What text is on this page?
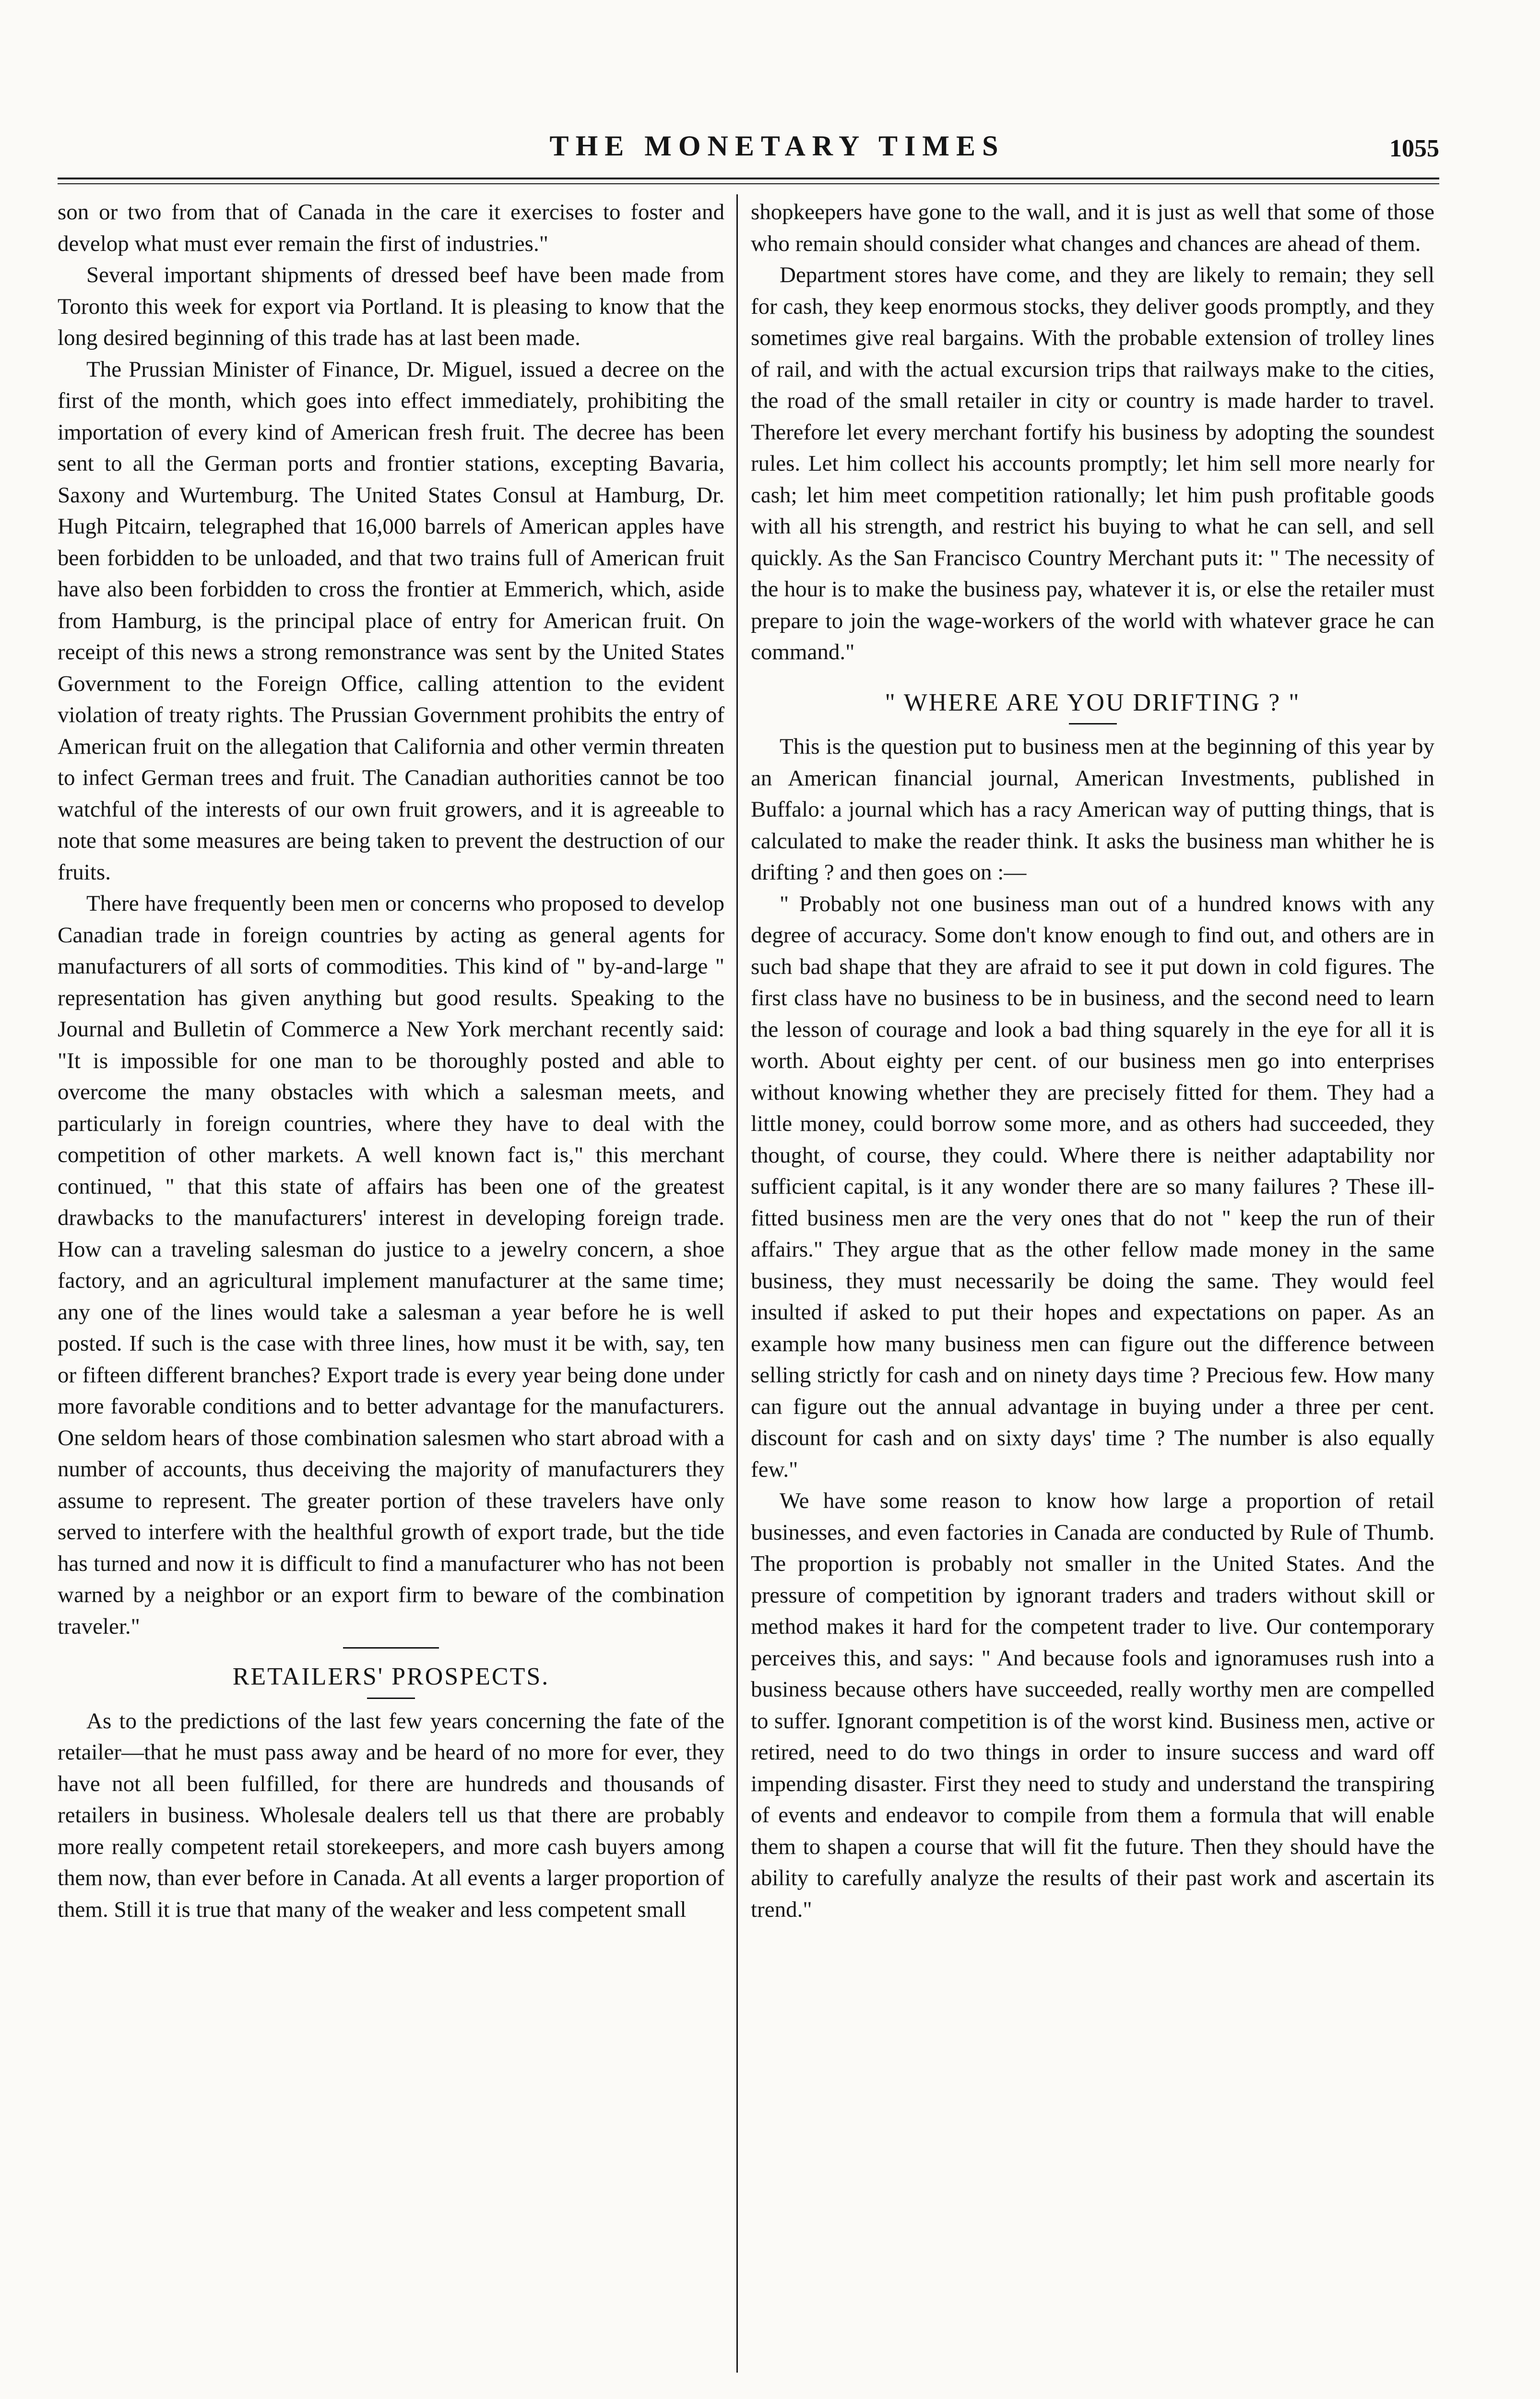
THE MONETARY TIMES	1055

son or two from that of Canada in the care it exercises to foster and develop what must ever remain the first of industries."

Several important shipments of dressed beef have been made from Toronto this week for export via Portland. It is pleasing to know that the long desired beginning of this trade has at last been made.

The Prussian Minister of Finance, Dr. Miguel, issued a decree on the first of the month, which goes into effect immediately, prohibiting the importation of every kind of American fresh fruit. The decree has been sent to all the German ports and frontier stations, excepting Bavaria, Saxony and Wurtemburg. The United States Consul at Hamburg, Dr. Hugh Pitcairn, telegraphed that 16,000 barrels of American apples have been forbidden to be unloaded, and that two trains full of American fruit have also been forbidden to cross the frontier at Emmerich, which, aside from Hamburg, is the principal place of entry for American fruit. On receipt of this news a strong remonstrance was sent by the United States Government to the Foreign Office, calling attention to the evident violation of treaty rights. The Prussian Government prohibits the entry of American fruit on the allegation that California and other vermin threaten to infect German trees and fruit. The Canadian authorities cannot be too watchful of the interests of our own fruit growers, and it is agreeable to note that some measures are being taken to prevent the destruction of our fruits.

There have frequently been men or concerns who proposed to develop Canadian trade in foreign countries by acting as general agents for manufacturers of all sorts of commodities. This kind of " by-and-large " representation has given anything but good results. Speaking to the Journal and Bulletin of Commerce a New York merchant recently said: "It is impossible for one man to be thoroughly posted and able to overcome the many obstacles with which a salesman meets, and particularly in foreign countries, where they have to deal with the competition of other markets. A well known fact is," this merchant continued, " that this state of affairs has been one of the greatest drawbacks to the manufacturers' interest in developing foreign trade. How can a traveling salesman do justice to a jewelry concern, a shoe factory, and an agricultural implement manufacturer at the same time; any one of the lines would take a salesman a year before he is well posted. If such is the case with three lines, how must it be with, say, ten or fifteen different branches? Export trade is every year being done under more favorable conditions and to better advantage for the manufacturers. One seldom hears of those combination salesmen who start abroad with a number of accounts, thus deceiving the majority of manufacturers they assume to represent. The greater portion of these travelers have only served to interfere with the healthful growth of export trade, but the tide has turned and now it is difficult to find a manufacturer who has not been warned by a neighbor or an export firm to beware of the combination traveler."

RETAILERS' PROSPECTS.

As to the predictions of the last few years concerning the fate of the retailer—that he must pass away and be heard of no more for ever, they have not all been fulfilled, for there are hundreds and thousands of retailers in business. Wholesale dealers tell us that there are probably more really competent retail storekeepers, and more cash buyers among them now, than ever before in Canada. At all events a larger proportion of them. Still it is true that many of the weaker and less competent small

shopkeepers have gone to the wall, and it is just as well that some of those who remain should consider what changes and chances are ahead of them.

Department stores have come, and they are likely to remain; they sell for cash, they keep enormous stocks, they deliver goods promptly, and they sometimes give real bargains. With the probable extension of trolley lines of rail, and with the actual excursion trips that railways make to the cities, the road of the small retailer in city or country is made harder to travel. Therefore let every merchant fortify his business by adopting the soundest rules. Let him collect his accounts promptly; let him sell more nearly for cash; let him meet competition rationally; let him push profitable goods with all his strength, and restrict his buying to what he can sell, and sell quickly. As the San Francisco Country Merchant puts it: " The necessity of the hour is to make the business pay, whatever it is, or else the retailer must prepare to join the wage-workers of the world with whatever grace he can command."

" WHERE ARE YOU DRIFTING ? "

This is the question put to business men at the beginning of this year by an American financial journal, American Investments, published in Buffalo: a journal which has a racy American way of putting things, that is calculated to make the reader think. It asks the business man whither he is drifting ? and then goes on :—

" Probably not one business man out of a hundred knows with any degree of accuracy. Some don't know enough to find out, and others are in such bad shape that they are afraid to see it put down in cold figures. The first class have no business to be in business, and the second need to learn the lesson of courage and look a bad thing squarely in the eye for all it is worth. About eighty per cent. of our business men go into enterprises without knowing whether they are precisely fitted for them. They had a little money, could borrow some more, and as others had succeeded, they thought, of course, they could. Where there is neither adaptability nor sufficient capital, is it any wonder there are so many failures ? These ill-fitted business men are the very ones that do not " keep the run of their affairs." They argue that as the other fellow made money in the same business, they must necessarily be doing the same. They would feel insulted if asked to put their hopes and expectations on paper. As an example how many business men can figure out the difference between selling strictly for cash and on ninety days time ? Precious few. How many can figure out the annual advantage in buying under a three per cent. discount for cash and on sixty days' time ? The number is also equally few."

We have some reason to know how large a proportion of retail businesses, and even factories in Canada are conducted by Rule of Thumb. The proportion is probably not smaller in the United States. And the pressure of competition by ignorant traders and traders without skill or method makes it hard for the competent trader to live. Our contemporary perceives this, and says: " And because fools and ignoramuses rush into a business because others have succeeded, really worthy men are compelled to suffer. Ignorant competition is of the worst kind. Business men, active or retired, need to do two things in order to insure success and ward off impending disaster. First they need to study and understand the transpiring of events and endeavor to compile from them a formula that will enable them to shapen a course that will fit the future. Then they should have the ability to carefully analyze the results of their past work and ascertain its trend."
